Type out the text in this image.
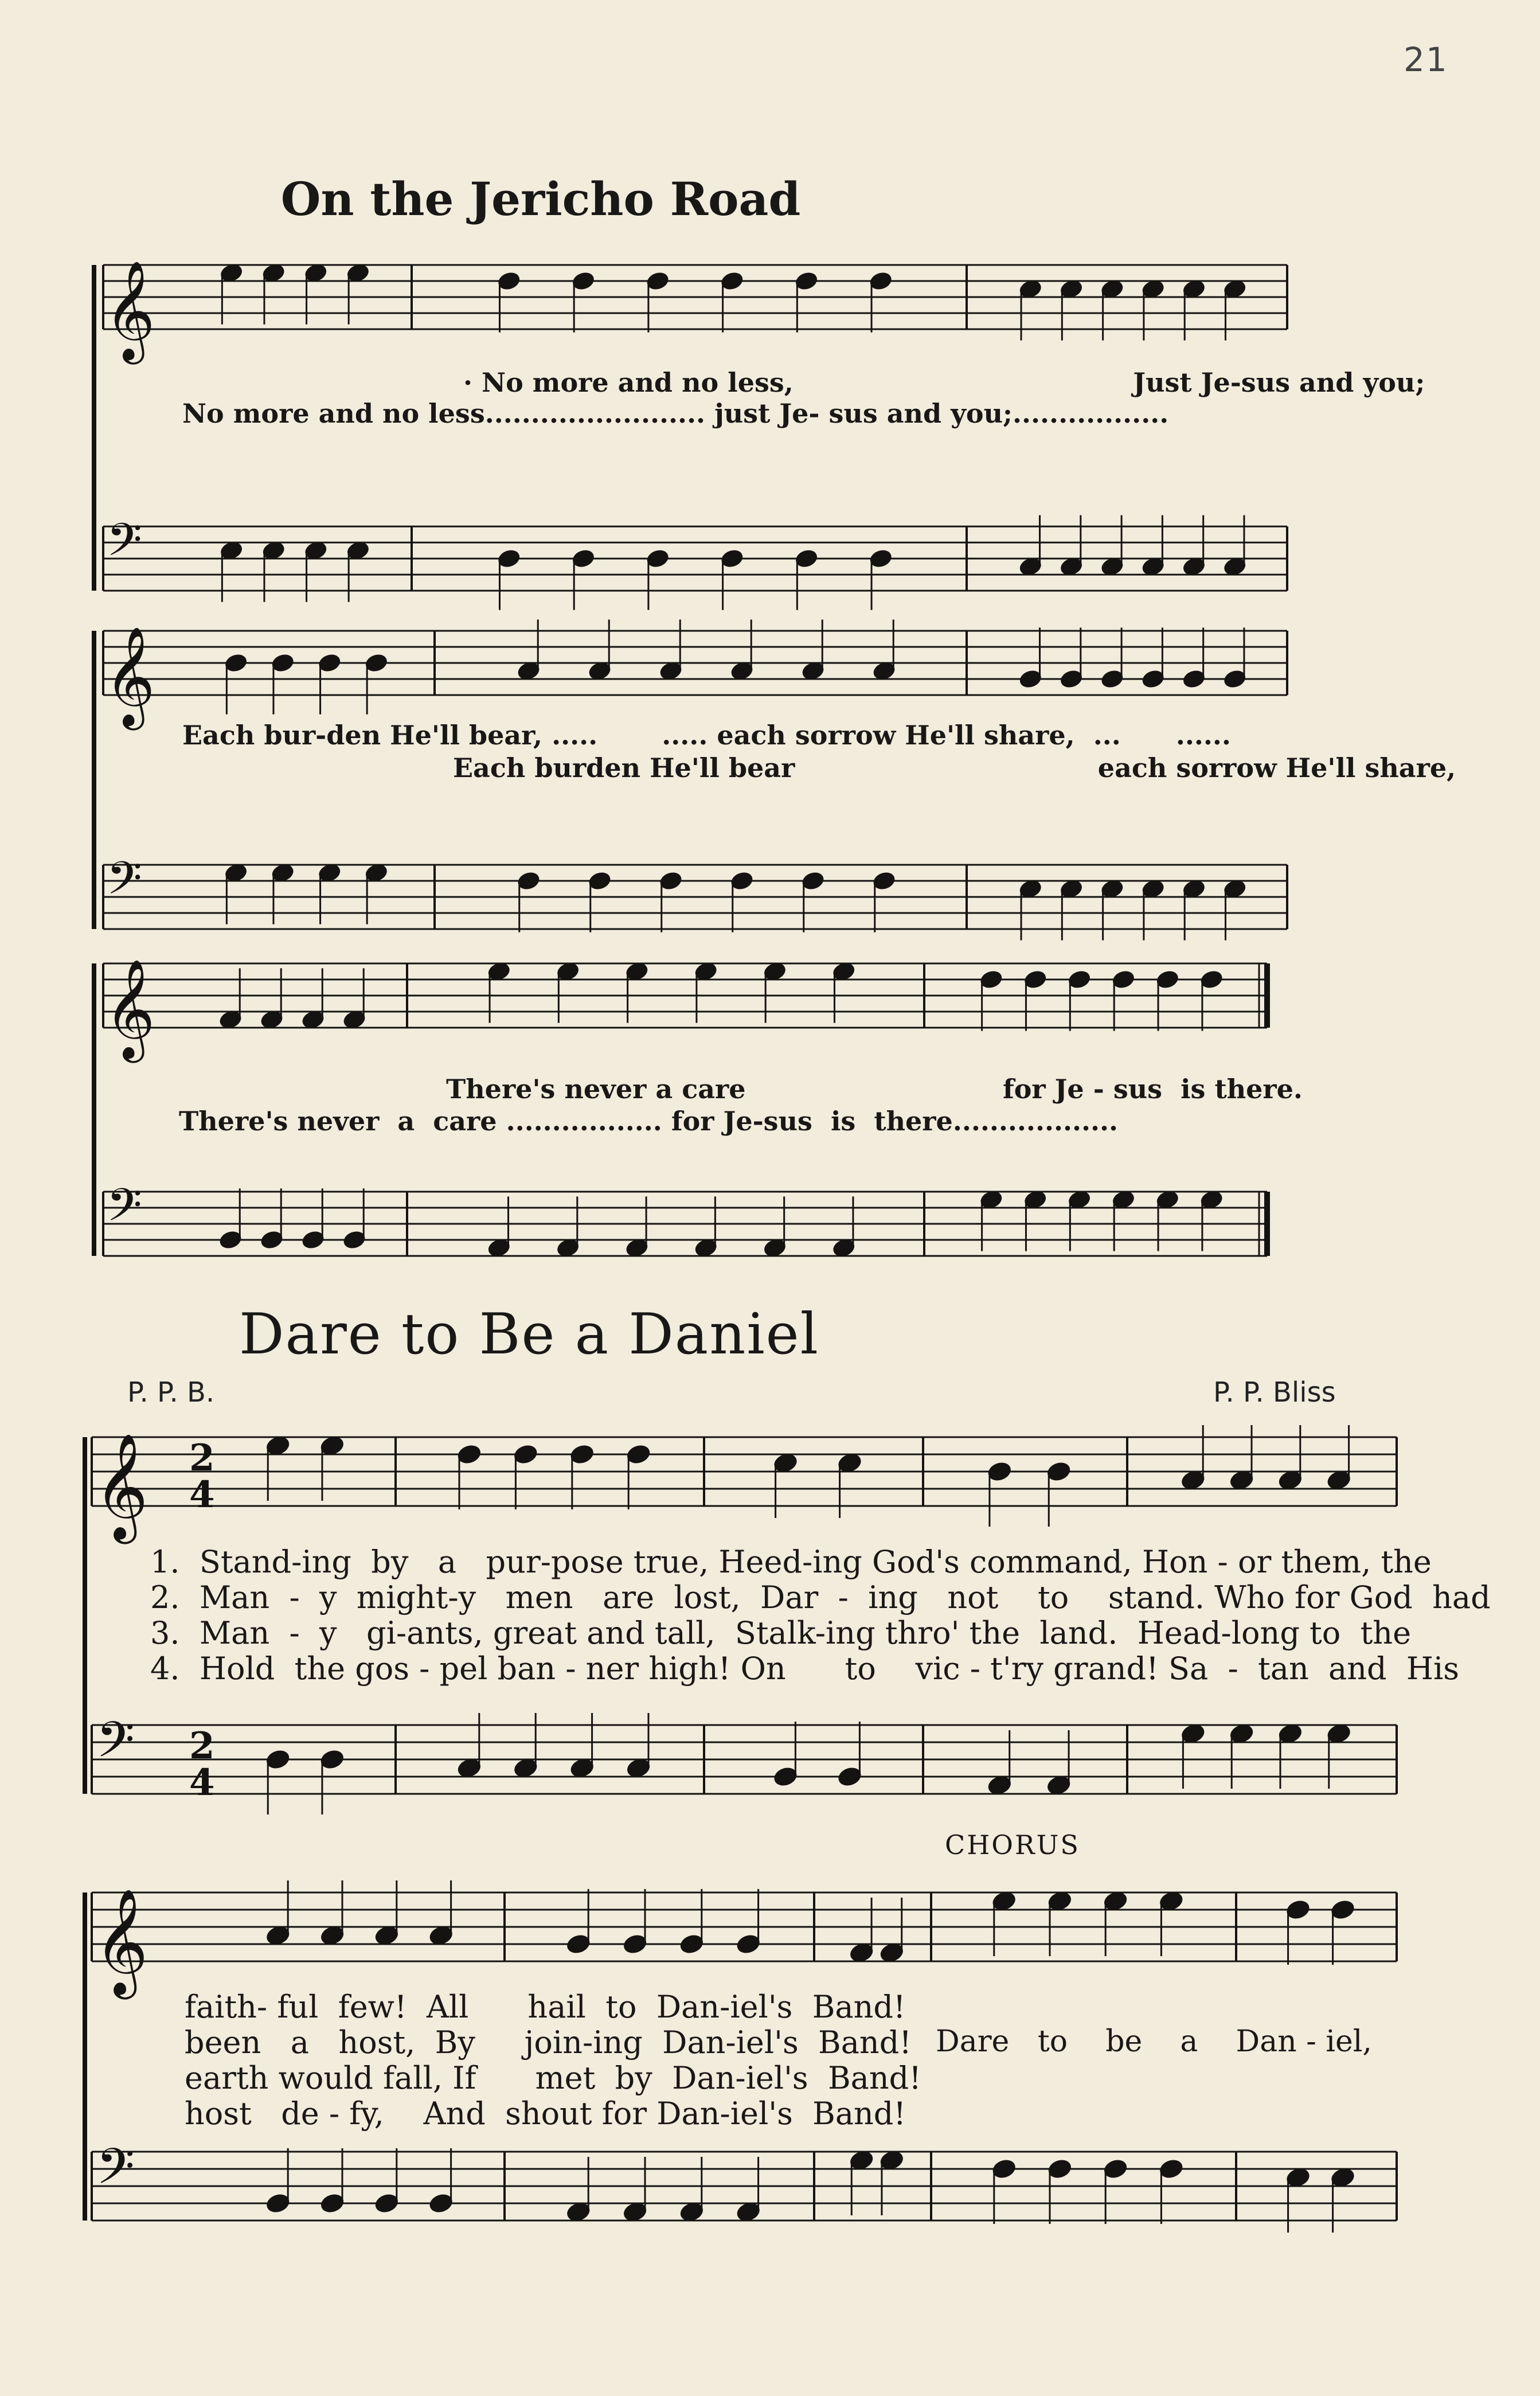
21
𝄞
𝄢
𝄞
𝄢
𝄞
𝄢
𝄞
𝄢
2
4
2
4
𝄞
𝄢
On the Jericho Road
Dare to Be a Daniel
· No more and no less,                                     Just Je-sus and you;
No more and no less........................ just Je- sus and you;.................
Each bur-den He'll bear, .....       ..... each sorrow He'll share,  ...      ......
Each burden He'll bear                                 each sorrow He'll share,
There's never a care                            for Je - sus  is there.
There's never  a  care ................. for Je-sus  is  there..................
P. P. B.	P. P. Bliss
1.  Stand-ing  by   a   pur-pose true, Heed-ing God's command, Hon - or them, the
2.  Man  -  y  might-y   men   are  lost,  Dar  -  ing   not    to    stand. Who for God  had
3.  Man  -  y   gi-ants, great and tall,  Stalk-ing thro' the  land.  Head-long to  the
4.  Hold  the gos - pel ban - ner high! On      to    vic - t'ry grand! Sa  -  tan  and  His
faith- ful  few!  All      hail  to  Dan-iel's  Band!
been   a   host,  By     join-ing  Dan-iel's  Band!
earth would fall, If      met  by  Dan-iel's  Band!
host   de - fy,    And  shout for Dan-iel's  Band!
CHORUS
Dare   to    be    a    Dan - iel,
